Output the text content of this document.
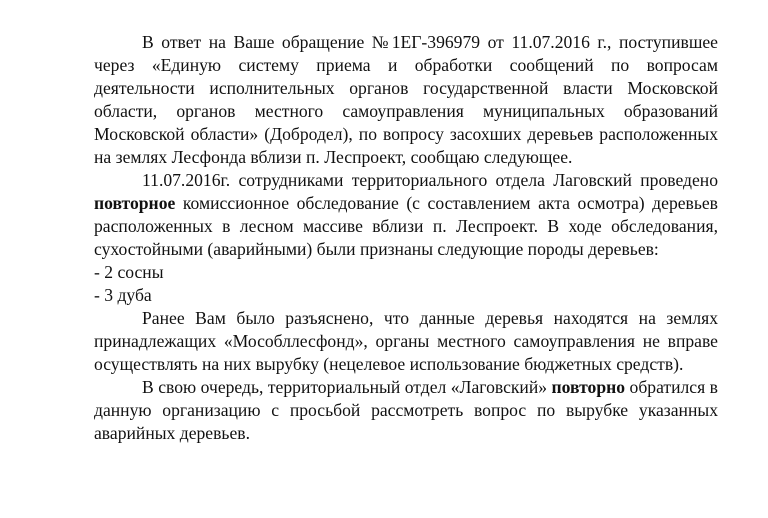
В ответ на Ваше обращение №1ЕГ-396979 от 11.07.2016 г., поступившее через «Единую систему приема и обработки сообщений по вопросам деятельности исполнительных органов государственной власти Московской области, органов местного самоуправления муниципальных образований Московской области» (Добродел), по вопросу засохших деревьев расположенных на землях Лесфонда вблизи п. Леспроект, сообщаю следующее.

11.07.2016г. сотрудниками территориального отдела Лаговский проведено повторное комиссионное обследование (с составлением акта осмотра) деревьев расположенных в лесном массиве вблизи п. Леспроект. В ходе обследования, сухостойными (аварийными) были признаны следующие породы деревьев:

- 2 сосны

- 3 дуба

Ранее Вам было разъяснено, что данные деревья находятся на землях принадлежащих «Мособллесфонд», органы местного самоуправления не вправе осуществлять на них вырубку (нецелевое использование бюджетных средств).

В свою очередь, территориальный отдел «Лаговский» повторно обратился в данную организацию с просьбой рассмотреть вопрос по вырубке указанных аварийных деревьев.
